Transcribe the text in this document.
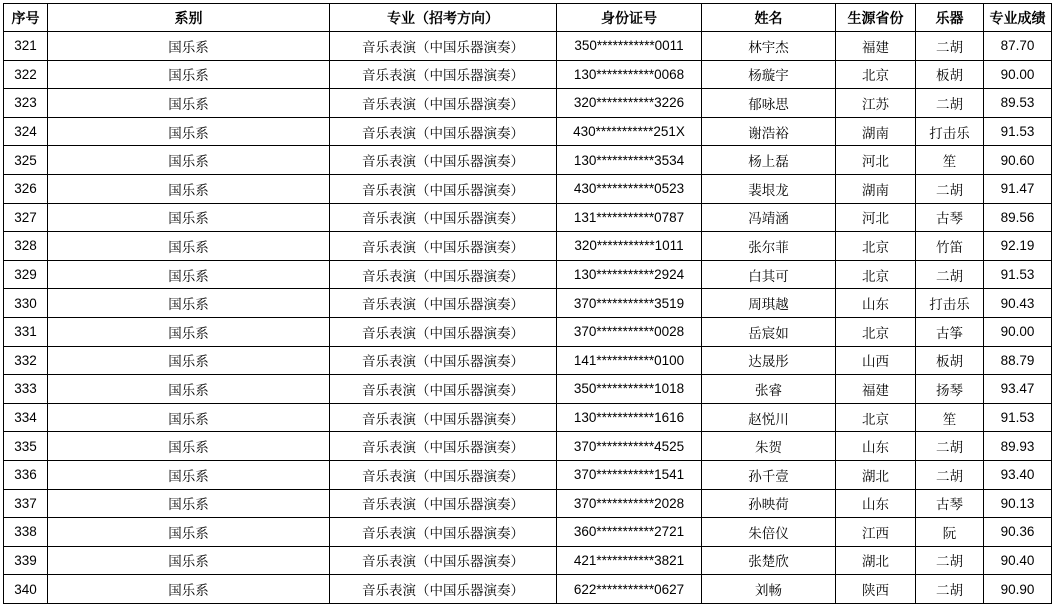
序号	系别	专业（招考方向）	身份证号	姓名	生源省份	乐器	专业成绩
321	国乐系	音乐表演（中国乐器演奏）	350***********0011	林宇杰	福建	二胡	87.70
322	国乐系	音乐表演（中国乐器演奏）	130***********0068	杨璇宇	北京	板胡	90.00
323	国乐系	音乐表演（中国乐器演奏）	320***********3226	郁咏思	江苏	二胡	89.53
324	国乐系	音乐表演（中国乐器演奏）	430***********251X	谢浩裕	湖南	打击乐	91.53
325	国乐系	音乐表演（中国乐器演奏）	130***********3534	杨上磊	河北	笙	90.60
326	国乐系	音乐表演（中国乐器演奏）	430***********0523	裴垠龙	湖南	二胡	91.47
327	国乐系	音乐表演（中国乐器演奏）	131***********0787	冯靖涵	河北	古琴	89.56
328	国乐系	音乐表演（中国乐器演奏）	320***********1011	张尔菲	北京	竹笛	92.19
329	国乐系	音乐表演（中国乐器演奏）	130***********2924	白其可	北京	二胡	91.53
330	国乐系	音乐表演（中国乐器演奏）	370***********3519	周琪越	山东	打击乐	90.43
331	国乐系	音乐表演（中国乐器演奏）	370***********0028	岳宸如	北京	古筝	90.00
332	国乐系	音乐表演（中国乐器演奏）	141***********0100	达晟彤	山西	板胡	88.79
333	国乐系	音乐表演（中国乐器演奏）	350***********1018	张睿	福建	扬琴	93.47
334	国乐系	音乐表演（中国乐器演奏）	130***********1616	赵悦川	北京	笙	91.53
335	国乐系	音乐表演（中国乐器演奏）	370***********4525	朱贺	山东	二胡	89.93
336	国乐系	音乐表演（中国乐器演奏）	370***********1541	孙千壹	湖北	二胡	93.40
337	国乐系	音乐表演（中国乐器演奏）	370***********2028	孙映荷	山东	古琴	90.13
338	国乐系	音乐表演（中国乐器演奏）	360***********2721	朱倍仪	江西	阮	90.36
339	国乐系	音乐表演（中国乐器演奏）	421***********3821	张楚欣	湖北	二胡	90.40
340	国乐系	音乐表演（中国乐器演奏）	622***********0627	刘畅	陕西	二胡	90.90
